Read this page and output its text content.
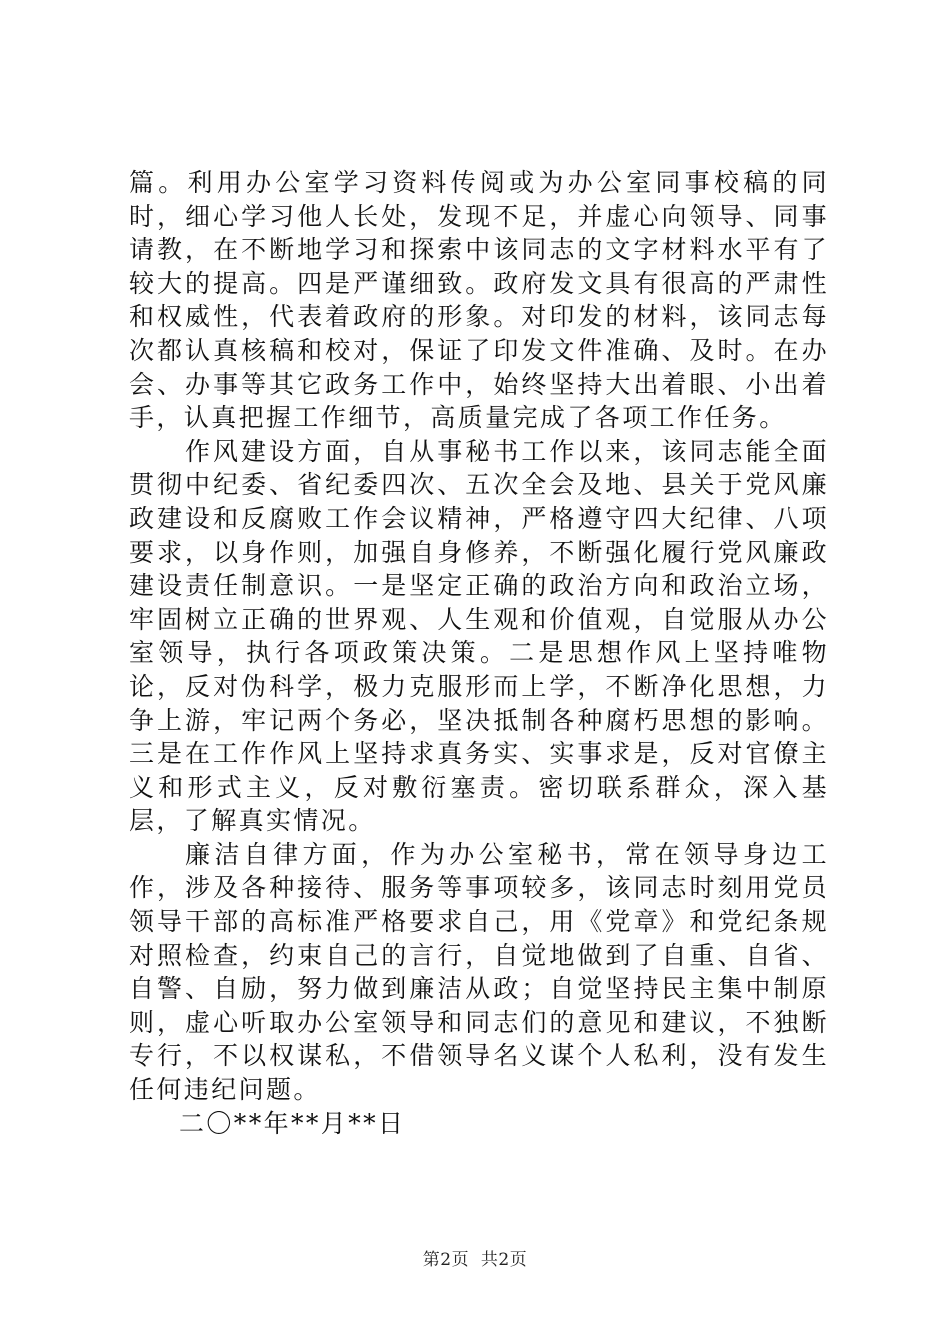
篇。利用办公室学习资料传阅或为办公室同事校稿的同时，细心学习他人长处，发现不足，并虚心向领导、同事请教，在不断地学习和探索中该同志的文字材料水平有了较大的提高。四是严谨细致。政府发文具有很高的严肃性和权威性，代表着政府的形象。对印发的材料，该同志每次都认真核稿和校对，保证了印发文件准确、及时。在办会、办事等其它政务工作中，始终坚持大出着眼、小出着手，认真把握工作细节，高质量完成了各项工作任务。

作风建设方面，自从事秘书工作以来，该同志能全面贯彻中纪委、省纪委四次、五次全会及地、县关于党风廉政建设和反腐败工作会议精神，严格遵守四大纪律、八项要求，以身作则，加强自身修养，不断强化履行党风廉政建设责任制意识。一是坚定正确的政治方向和政治立场，牢固树立正确的世界观、人生观和价值观，自觉服从办公室领导，执行各项政策决策。二是思想作风上坚持唯物论，反对伪科学，极力克服形而上学，不断净化思想，力争上游，牢记两个务必，坚决抵制各种腐朽思想的影响。三是在工作作风上坚持求真务实、实事求是，反对官僚主义和形式主义，反对敷衍塞责。密切联系群众，深入基层，了解真实情况。

廉洁自律方面，作为办公室秘书，常在领导身边工作，涉及各种接待、服务等事项较多，该同志时刻用党员领导干部的高标准严格要求自己，用《党章》和党纪条规对照检查，约束自己的言行，自觉地做到了自重、自省、自警、自励，努力做到廉洁从政；自觉坚持民主集中制原则，虚心听取办公室领导和同志们的意见和建议，不独断专行，不以权谋私，不借领导名义谋个人私利，没有发生任何违纪问题。

二〇**年**月**日

第2页  共2页
